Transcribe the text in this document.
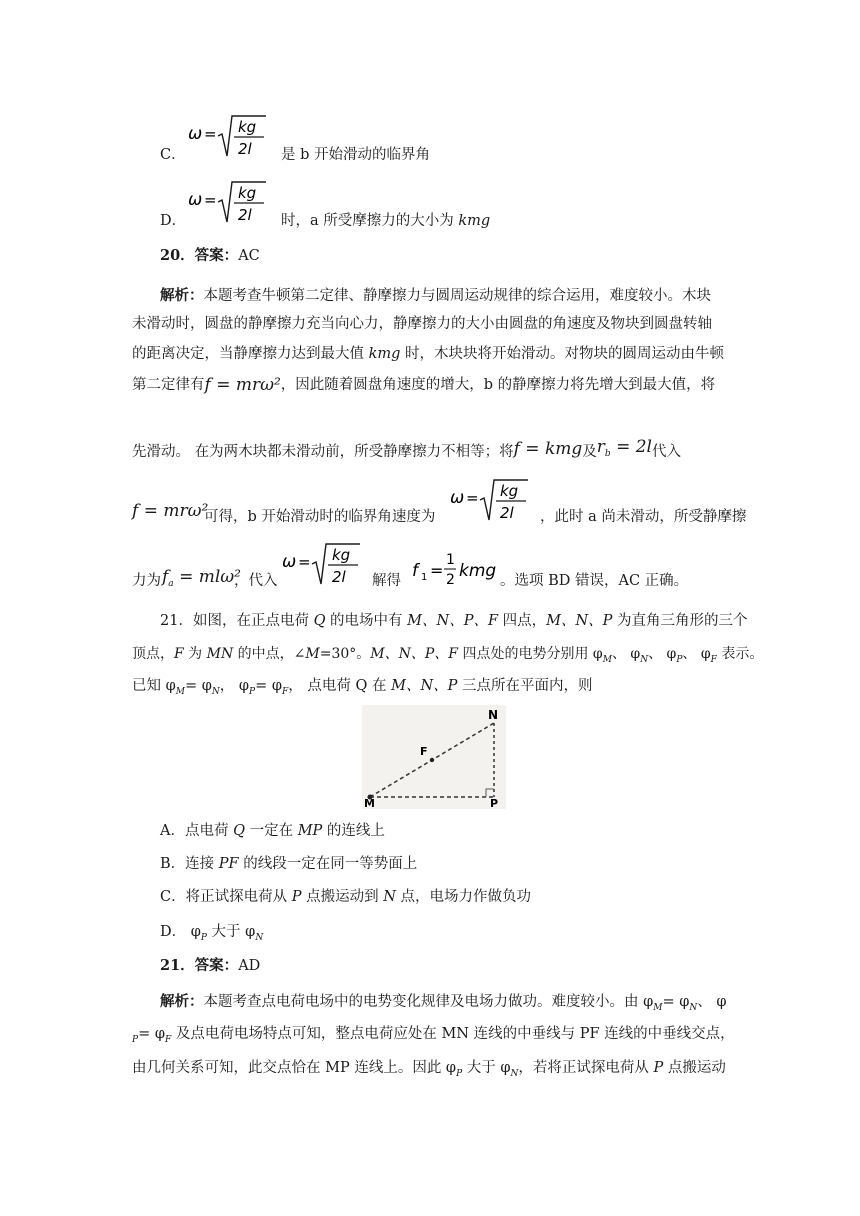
C．
ω = kg
2l 是 b 开始滑动的临界角
D．
ω = kg
2l 时，a 所受摩擦力的大小为 kmg
20．答案：AC
解析：本题考查牛顿第二定律、静摩擦力与圆周运动规律的综合运用，难度较小。木块
未滑动时，圆盘的静摩擦力充当向心力，静摩擦力的大小由圆盘的角速度及物块到圆盘转轴
的距离决定，当静摩擦力达到最大值 kmg 时，木块块将开始滑动。对物块的圆周运动由牛顿
第二定律有f = mrω²，因此随着圆盘角速度的增大，b 的静摩擦力将先增大到最大值，将
先滑动。 在为两木块都未滑动前，所受静摩擦力不相等；将f = kmg及$r_b = 2l$代入
f = mrω²
可得，b 开始滑动时的临界角速度为
ω = kg
2l ，此时 a 尚未滑动，所受静摩擦
力为 $f_a = ml\omega^2$
，代入
ω = kg
2l 解得 f 1 =
1
2 kmg 。选项 BD 错误，AC 正确。
21．如图，在正点电荷 Q 的电场中有 M、N、P、F 四点，M、N、P 为直角三角形的三个
顶点，F 为 MN 的中点，∠M=30°。M、N、P、F 四点处的电势分别用 $\varphi_M$、 $\varphi_N$、 $\varphi_P$、 $\varphi_F$ 表示。
已知 $\varphi_M= \varphi_N$， $\varphi_P= \varphi_F$， 点电荷 Q 在 M、N、P 三点所在平面内，则
N
F
M	P
A．点电荷 Q 一定在 MP 的连线上
B．连接 PF 的线段一定在同一等势面上
C．将正试探电荷从 P 点搬运动到 N 点，电场力作做负功
D． $\varphi_P$ 大于 $\varphi_N$
21．答案：AD
解析：本题考查点电荷电场中的电势变化规律及电场力做功。难度较小。由 $\varphi_M= \varphi_N$、 φ
$_P= \varphi_F$ 及点电荷电场特点可知，整点电荷应处在 MN 连线的中垂线与 PF 连线的中垂线交点，
由几何关系可知，此交点恰在 MP 连线上。因此 $\varphi_P$ 大于 $\varphi_N$，若将正试探电荷从 P 点搬运动
